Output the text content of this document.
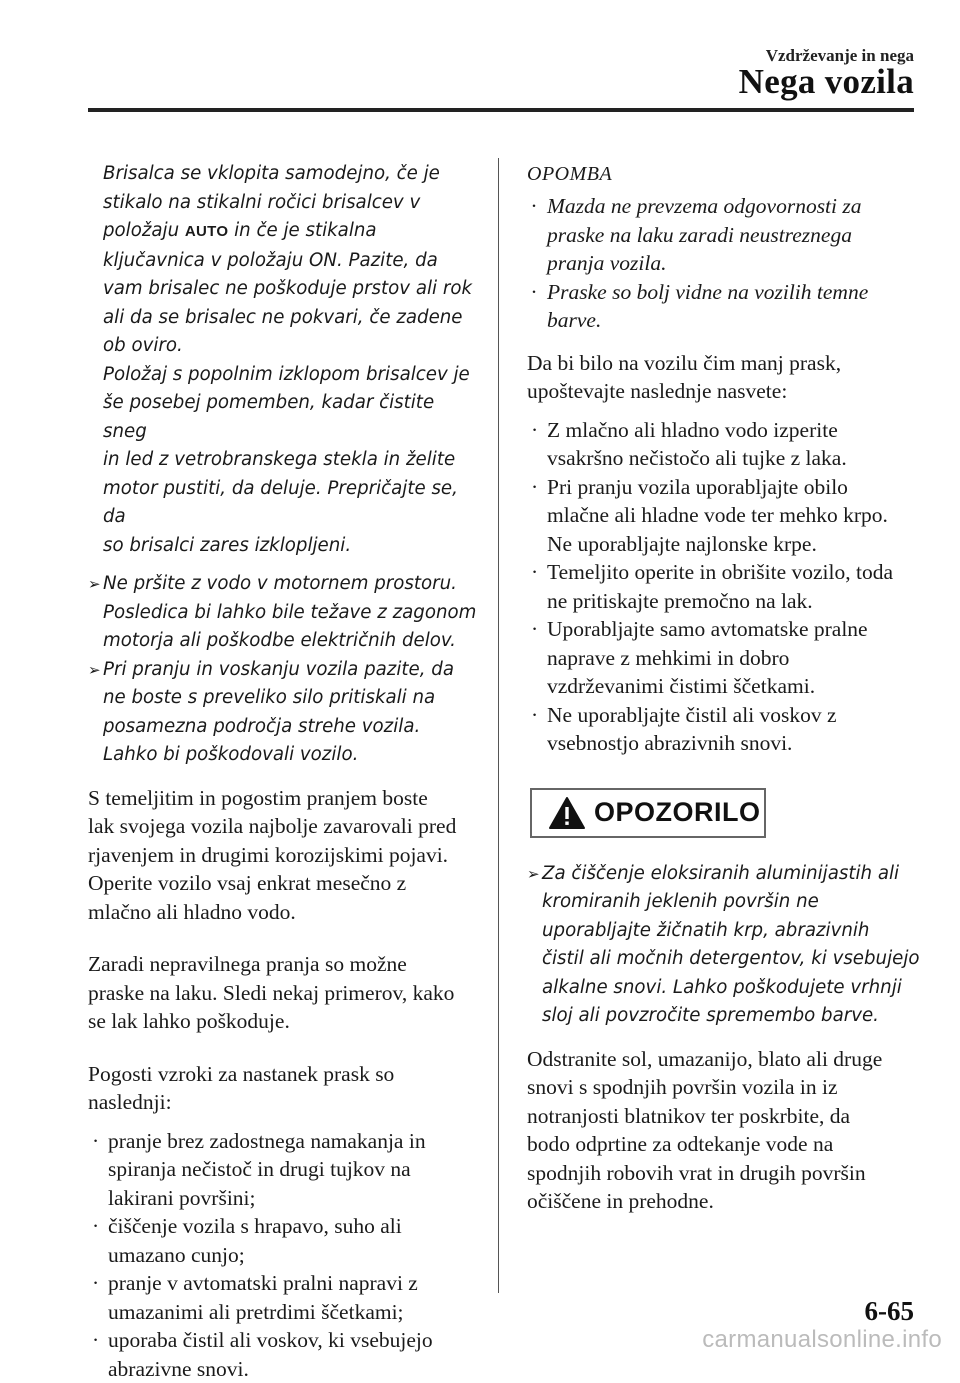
Vzdrževanje in nega
Nega vozila

Brisalca se vklopita samodejno, če je

stikalo na stikalni ročici brisalcev v

položaju AUTO in če je stikalna

ključavnica v položaju ON. Pazite, da

vam brisalec ne poškoduje prstov ali rok

ali da se brisalec ne pokvari, če zadene

ob oviro.

Položaj s popolnim izklopom brisalcev je

še posebej pomemben, kadar čistite sneg

in led z vetrobranskega stekla in želite

motor pustiti, da deluje. Prepričajte se, da

so brisalci zares izklopljeni.

➢ Ne pršite z vodo v motornem prostoru.

Posledica bi lahko bile težave z zagonom

motorja ali poškodbe električnih delov.

➢ Pri pranju in voskanju vozila pazite, da

ne boste s preveliko silo pritiskali na

posamezna področja strehe vozila.

Lahko bi poškodovali vozilo.

S temeljitim in pogostim pranjem boste

lak svojega vozila najbolje zavarovali pred

rjavenjem in drugimi korozijskimi pojavi.

Operite vozilo vsaj enkrat mesečno z

mlačno ali hladno vodo.

Zaradi nepravilnega pranja so možne

praske na laku. Sledi nekaj primerov, kako

se lak lahko poškoduje.

Pogosti vzroki za nastanek prask so

naslednji:

· pranje brez zadostnega namakanja in

spiranja nečistoč in drugi tujkov na

lakirani površini;

· čiščenje vozila s hrapavo, suho ali

umazano cunjo;

· pranje v avtomatski pralni napravi z

umazanimi ali pretrdimi ščetkami;

· uporaba čistil ali voskov, ki vsebujejo

abrazivne snovi.

OPOMBA

· Mazda ne prevzema odgovornosti za

praske na laku zaradi neustreznega

pranja vozila.

· Praske so bolj vidne na vozilih temne

barve.

Da bi bilo na vozilu čim manj prask,

upoštevajte naslednje nasvete:

· Z mlačno ali hladno vodo izperite

vsakršno nečistočo ali tujke z laka.

· Pri pranju vozila uporabljajte obilo

mlačne ali hladne vode ter mehko krpo.

Ne uporabljajte najlonske krpe.

· Temeljito operite in obrišite vozilo, toda

ne pritiskajte premočno na lak.

· Uporabljajte samo avtomatske pralne

naprave z mehkimi in dobro

vzdrževanimi čistimi ščetkami.

· Ne uporabljajte čistil ali voskov z

vsebnostjo abrazivnih snovi.

OPOZORILO
➢ Za čiščenje eloksiranih aluminijastih ali

kromiranih jeklenih površin ne

uporabljajte žičnatih krp, abrazivnih

čistil ali močnih detergentov, ki vsebujejo

alkalne snovi. Lahko poškodujete vrhnji

sloj ali povzročite spremembo barve.

Odstranite sol, umazanijo, blato ali druge

snovi s spodnjih površin vozila in iz

notranjosti blatnikov ter poskrbite, da

bodo odprtine za odtekanje vode na

spodnjih robovih vrat in drugih površin

očiščene in prehodne.

6-65
carmanualsonline.info
